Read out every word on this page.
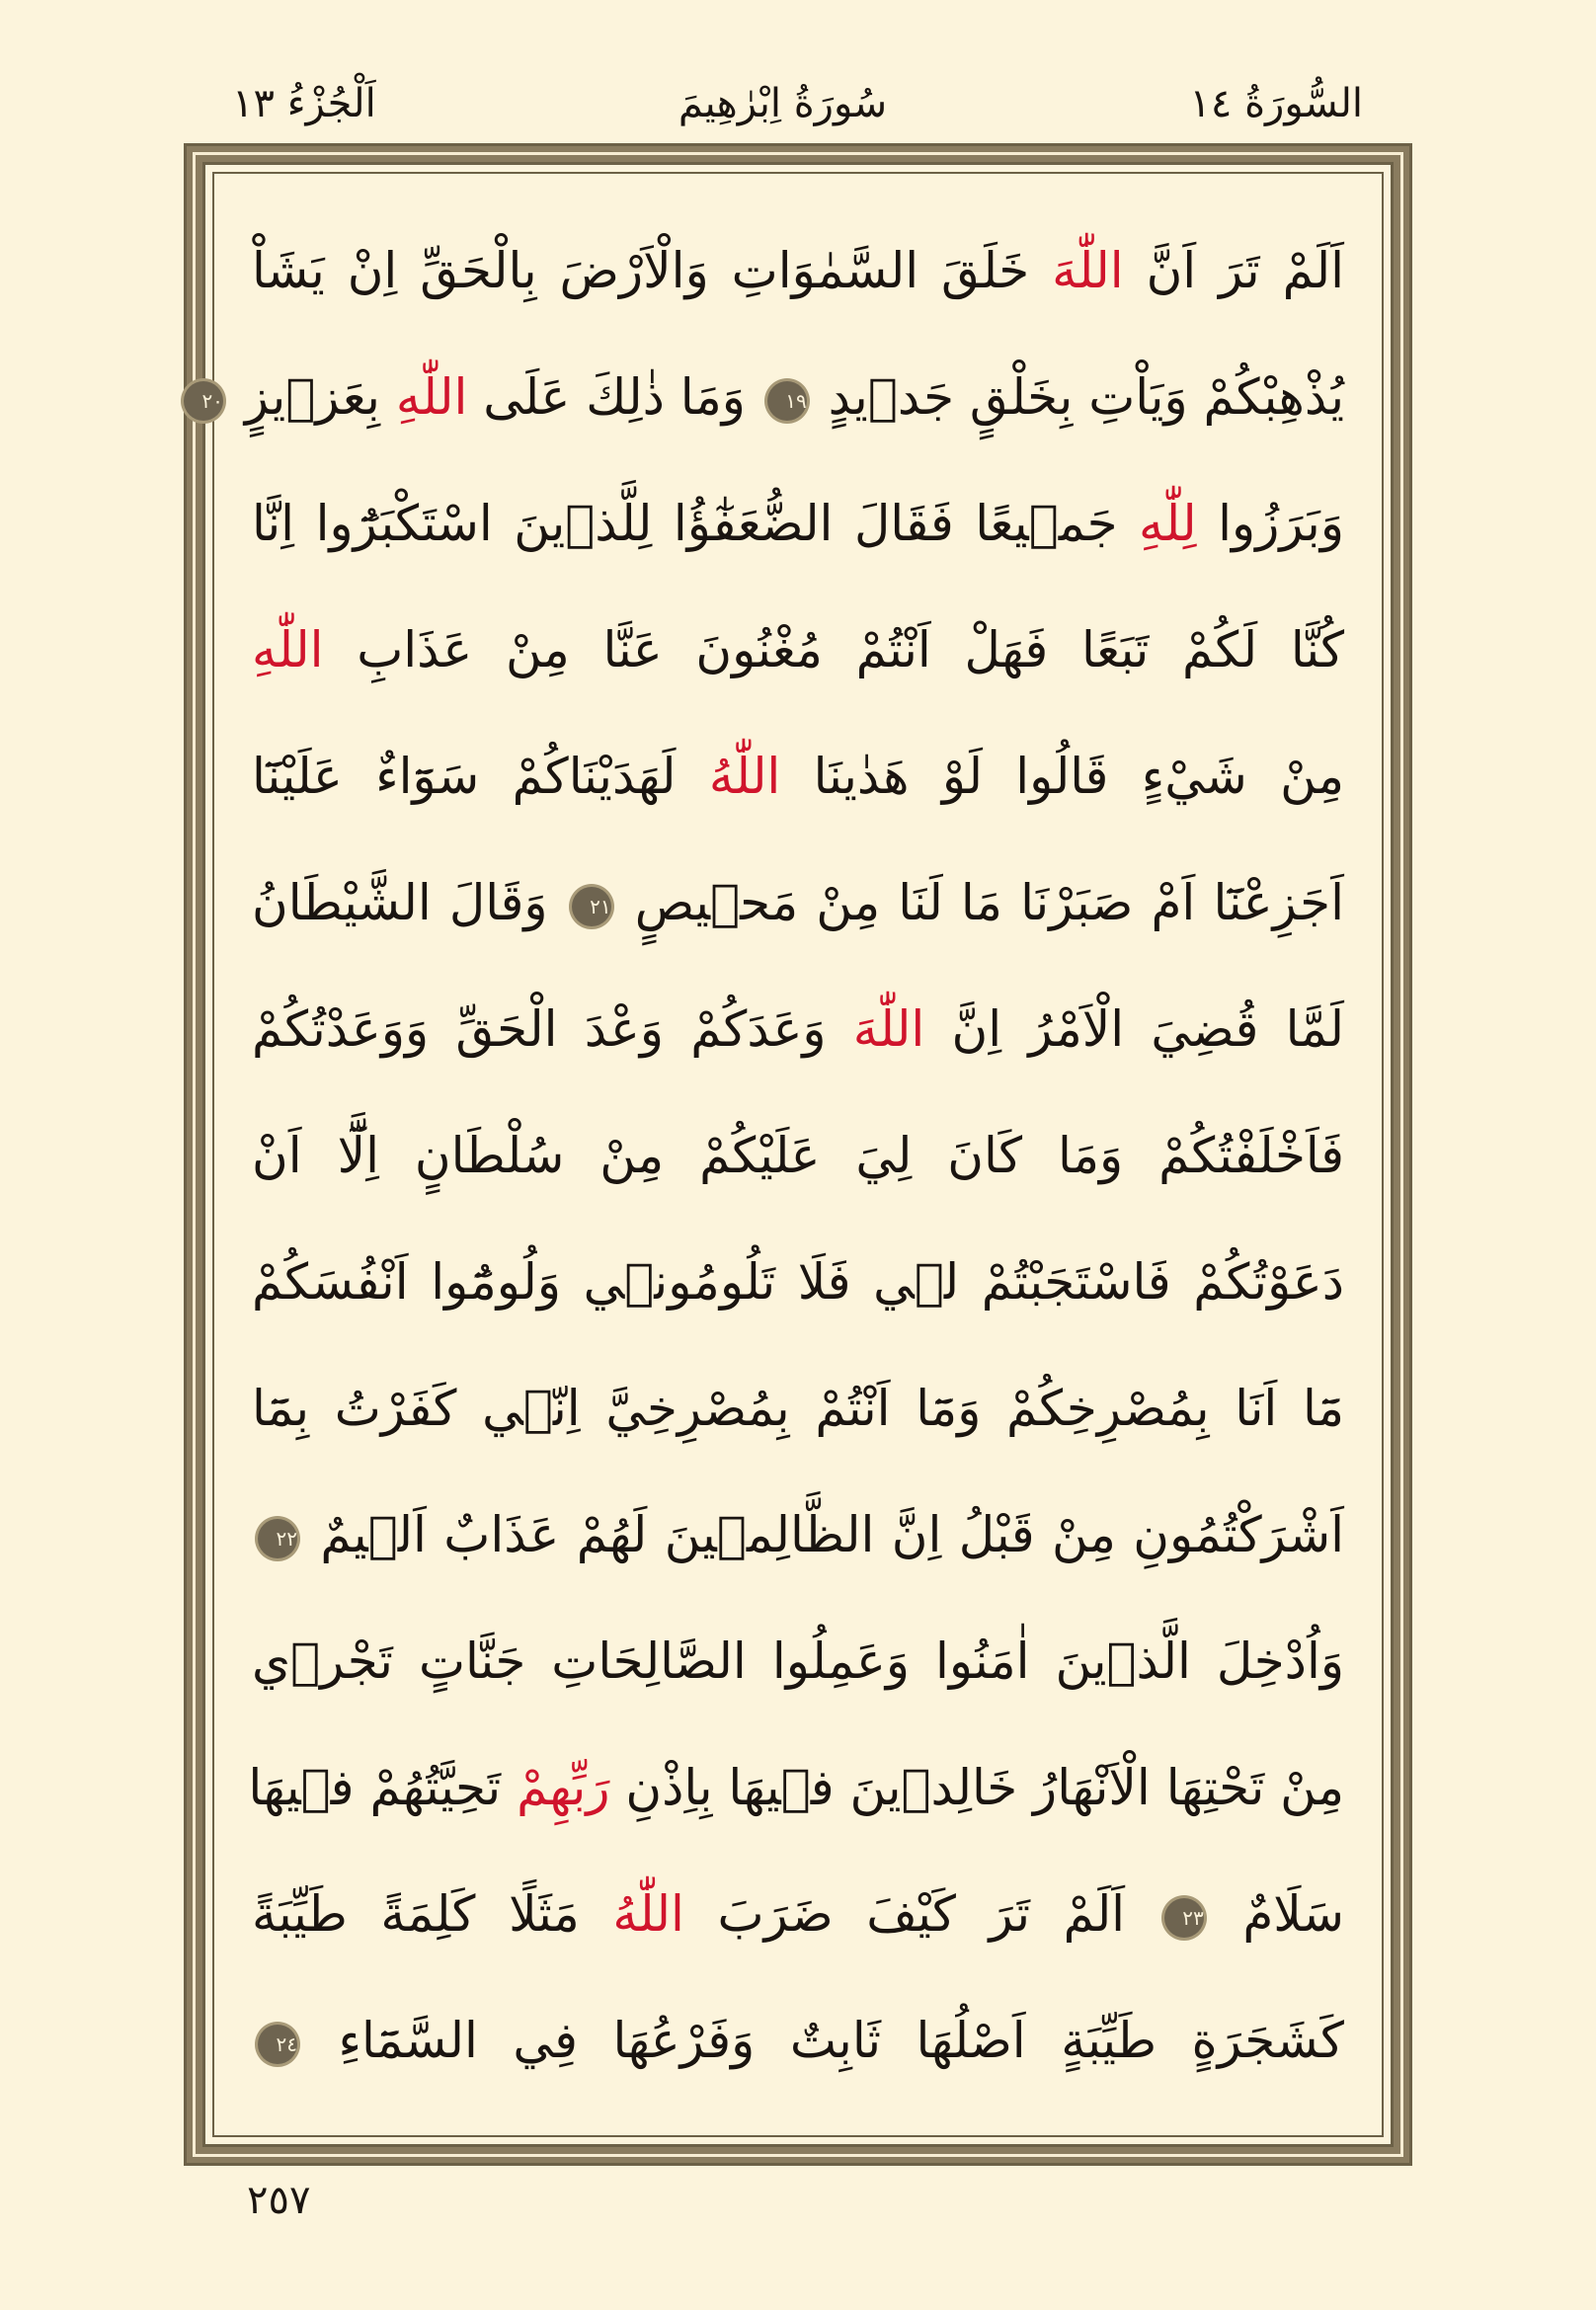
السُّورَةُ ١٤
سُورَةُ اِبْرٰهِيمَ
اَلْجُزْءُ ١٣
اَلَمْ تَرَ اَنَّ اللّٰهَ خَلَقَ السَّمٰوَاتِ وَالْاَرْضَ بِالْحَقِّ اِنْ يَشَاْ
يُذْهِبْكُمْ وَيَاْتِ بِخَلْقٍ جَد۪يدٍ ١٩ وَمَا ذٰلِكَ عَلَى اللّٰهِ بِعَز۪يزٍ ٢٠
وَبَرَزُوا لِلّٰهِ جَم۪يعًا فَقَالَ الضُّعَفٰٓؤُا لِلَّذ۪ينَ اسْتَكْبَرُٓوا اِنَّا
كُنَّا لَكُمْ تَبَعًا فَهَلْ اَنْتُمْ مُغْنُونَ عَنَّا مِنْ عَذَابِ اللّٰهِ
مِنْ شَيْءٍ قَالُوا لَوْ هَدٰينَا اللّٰهُ لَهَدَيْنَاكُمْ سَوَٓاءٌ عَلَيْنَٓا
اَجَزِعْنَٓا اَمْ صَبَرْنَا مَا لَنَا مِنْ مَح۪يصٍ ٢١ وَقَالَ الشَّيْطَانُ
لَمَّا قُضِيَ الْاَمْرُ اِنَّ اللّٰهَ وَعَدَكُمْ وَعْدَ الْحَقِّ وَوَعَدْتُكُمْ
فَاَخْلَفْتُكُمْ وَمَا كَانَ لِيَ عَلَيْكُمْ مِنْ سُلْطَانٍ اِلَّٓا اَنْ
دَعَوْتُكُمْ فَاسْتَجَبْتُمْ ل۪ي فَلَا تَلُومُون۪ي وَلُومُٓوا اَنْفُسَكُمْ
مَٓا اَنَا بِمُصْرِخِكُمْ وَمَٓا اَنْتُمْ بِمُصْرِخِيَّ اِنّ۪ي كَفَرْتُ بِمَٓا
اَشْرَكْتُمُونِ مِنْ قَبْلُ اِنَّ الظَّالِم۪ينَ لَهُمْ عَذَابٌ اَل۪يمٌ ٢٢
وَاُدْخِلَ الَّذ۪ينَ اٰمَنُوا وَعَمِلُوا الصَّالِحَاتِ جَنَّاتٍ تَجْر۪ي
مِنْ تَحْتِهَا الْاَنْهَارُ خَالِد۪ينَ ف۪يهَا بِاِذْنِ رَبِّهِمْ تَحِيَّتُهُمْ ف۪يهَا
سَلَامٌ ٢٣ اَلَمْ تَرَ كَيْفَ ضَرَبَ اللّٰهُ مَثَلًا كَلِمَةً طَيِّبَةً
كَشَجَرَةٍ طَيِّبَةٍ اَصْلُهَا ثَابِتٌ وَفَرْعُهَا فِي السَّمَٓاءِ ٢٤
٢٥٧
